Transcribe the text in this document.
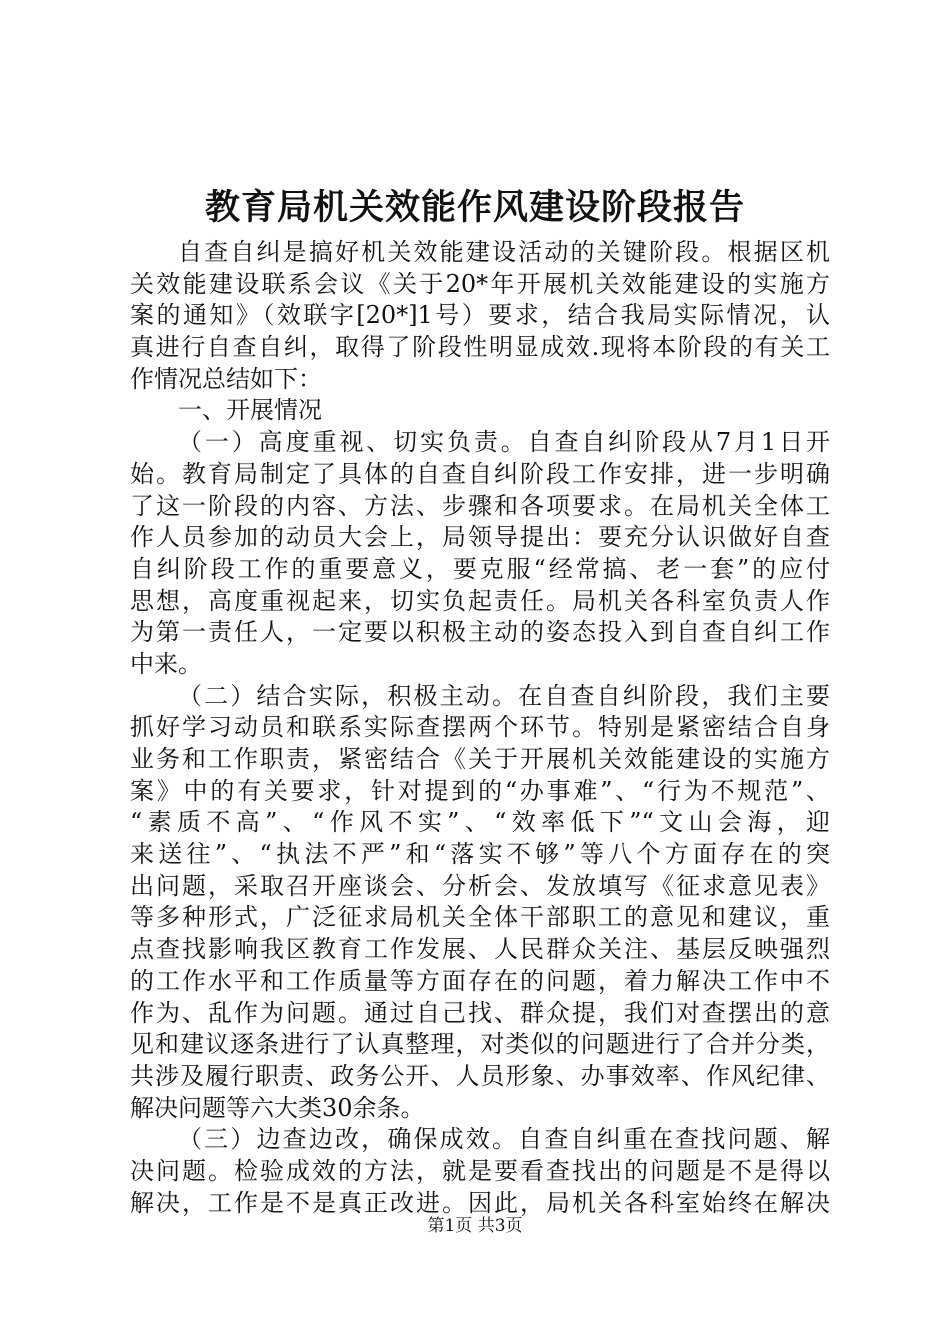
教育局机关效能作风建设阶段报告
自查自纠是搞好机关效能建设活动的关键阶段。根据区机
关效能建设联系会议《关于20*年开展机关效能建设的实施方
案的通知》（效联字[20*]1号）要求，结合我局实际情况，认
真进行自查自纠，取得了阶段性明显成效.现将本阶段的有关工
作情况总结如下：
一、开展情况
（一）高度重视、切实负责。自查自纠阶段从7月1日开
始。教育局制定了具体的自查自纠阶段工作安排，进一步明确
了这一阶段的内容、方法、步骤和各项要求。在局机关全体工
作人员参加的动员大会上，局领导提出：要充分认识做好自查
自纠阶段工作的重要意义，要克服“经常搞、老一套”的应付
思想，高度重视起来，切实负起责任。局机关各科室负责人作
为第一责任人，一定要以积极主动的姿态投入到自查自纠工作
中来。
（二）结合实际，积极主动。在自查自纠阶段，我们主要
抓好学习动员和联系实际查摆两个环节。特别是紧密结合自身
业务和工作职责，紧密结合《关于开展机关效能建设的实施方
案》中的有关要求，针对提到的“办事难”、“行为不规范”、
“素质不高”、“作风不实”、“效率低下”“文山会海，迎
来送往”、“执法不严”和“落实不够”等八个方面存在的突
出问题，采取召开座谈会、分析会、发放填写《征求意见表》
等多种形式，广泛征求局机关全体干部职工的意见和建议，重
点查找影响我区教育工作发展、人民群众关注、基层反映强烈
的工作水平和工作质量等方面存在的问题，着力解决工作中不
作为、乱作为问题。通过自己找、群众提，我们对查摆出的意
见和建议逐条进行了认真整理，对类似的问题进行了合并分类，
共涉及履行职责、政务公开、人员形象、办事效率、作风纪律、
解决问题等六大类30余条。
（三）边查边改，确保成效。自查自纠重在查找问题、解
决问题。检验成效的方法，就是要看查找出的问题是不是得以
解决，工作是不是真正改进。因此，局机关各科室始终在解决
第1页 共3页
